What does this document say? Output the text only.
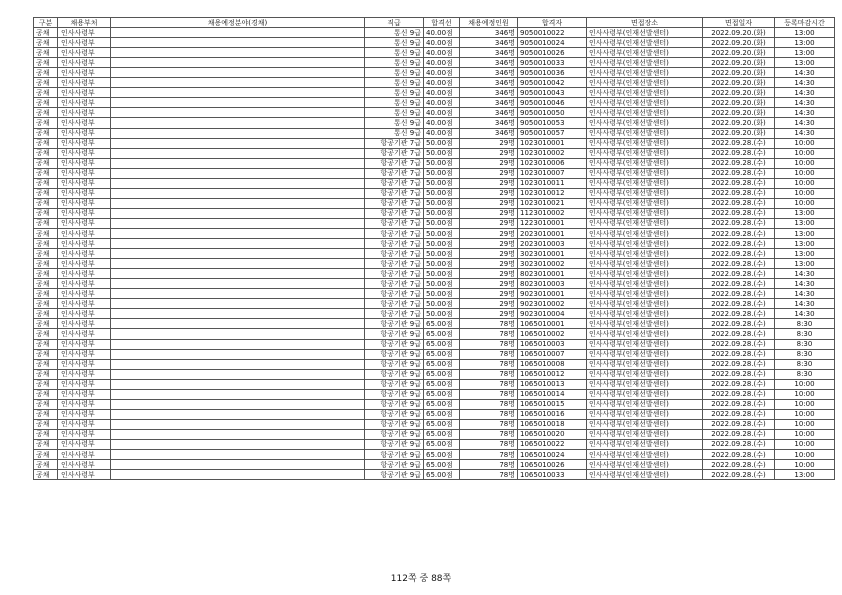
구분	채용부처	채용예정분야(경채)	직급	합격선	채용예정인원	합격자	면접장소	면접일자	등록마감시간
공채	인사사령부		통신 9급	40.00점	346명	9050010022	인사사령부(인재선발센터)	2022.09.20.(화)	13:00
공채	인사사령부		통신 9급	40.00점	346명	9050010024	인사사령부(인재선발센터)	2022.09.20.(화)	13:00
공채	인사사령부		통신 9급	40.00점	346명	9050010026	인사사령부(인재선발센터)	2022.09.20.(화)	13:00
공채	인사사령부		통신 9급	40.00점	346명	9050010033	인사사령부(인재선발센터)	2022.09.20.(화)	13:00
공채	인사사령부		통신 9급	40.00점	346명	9050010036	인사사령부(인재선발센터)	2022.09.20.(화)	14:30
공채	인사사령부		통신 9급	40.00점	346명	9050010042	인사사령부(인재선발센터)	2022.09.20.(화)	14:30
공채	인사사령부		통신 9급	40.00점	346명	9050010043	인사사령부(인재선발센터)	2022.09.20.(화)	14:30
공채	인사사령부		통신 9급	40.00점	346명	9050010046	인사사령부(인재선발센터)	2022.09.20.(화)	14:30
공채	인사사령부		통신 9급	40.00점	346명	9050010050	인사사령부(인재선발센터)	2022.09.20.(화)	14:30
공채	인사사령부		통신 9급	40.00점	346명	9050010053	인사사령부(인재선발센터)	2022.09.20.(화)	14:30
공채	인사사령부		통신 9급	40.00점	346명	9050010057	인사사령부(인재선발센터)	2022.09.20.(화)	14:30
공채	인사사령부		항공기관 7급	50.00점	29명	1023010001	인사사령부(인재선발센터)	2022.09.28.(수)	10:00
공채	인사사령부		항공기관 7급	50.00점	29명	1023010002	인사사령부(인재선발센터)	2022.09.28.(수)	10:00
공채	인사사령부		항공기관 7급	50.00점	29명	1023010006	인사사령부(인재선발센터)	2022.09.28.(수)	10:00
공채	인사사령부		항공기관 7급	50.00점	29명	1023010007	인사사령부(인재선발센터)	2022.09.28.(수)	10:00
공채	인사사령부		항공기관 7급	50.00점	29명	1023010011	인사사령부(인재선발센터)	2022.09.28.(수)	10:00
공채	인사사령부		항공기관 7급	50.00점	29명	1023010012	인사사령부(인재선발센터)	2022.09.28.(수)	10:00
공채	인사사령부		항공기관 7급	50.00점	29명	1023010021	인사사령부(인재선발센터)	2022.09.28.(수)	10:00
공채	인사사령부		항공기관 7급	50.00점	29명	1123010002	인사사령부(인재선발센터)	2022.09.28.(수)	13:00
공채	인사사령부		항공기관 7급	50.00점	29명	1223010001	인사사령부(인재선발센터)	2022.09.28.(수)	13:00
공채	인사사령부		항공기관 7급	50.00점	29명	2023010001	인사사령부(인재선발센터)	2022.09.28.(수)	13:00
공채	인사사령부		항공기관 7급	50.00점	29명	2023010003	인사사령부(인재선발센터)	2022.09.28.(수)	13:00
공채	인사사령부		항공기관 7급	50.00점	29명	3023010001	인사사령부(인재선발센터)	2022.09.28.(수)	13:00
공채	인사사령부		항공기관 7급	50.00점	29명	3023010002	인사사령부(인재선발센터)	2022.09.28.(수)	13:00
공채	인사사령부		항공기관 7급	50.00점	29명	8023010001	인사사령부(인재선발센터)	2022.09.28.(수)	14:30
공채	인사사령부		항공기관 7급	50.00점	29명	8023010003	인사사령부(인재선발센터)	2022.09.28.(수)	14:30
공채	인사사령부		항공기관 7급	50.00점	29명	9023010001	인사사령부(인재선발센터)	2022.09.28.(수)	14:30
공채	인사사령부		항공기관 7급	50.00점	29명	9023010002	인사사령부(인재선발센터)	2022.09.28.(수)	14:30
공채	인사사령부		항공기관 7급	50.00점	29명	9023010004	인사사령부(인재선발센터)	2022.09.28.(수)	14:30
공채	인사사령부		항공기관 9급	65.00점	78명	1065010001	인사사령부(인재선발센터)	2022.09.28.(수)	8:30
공채	인사사령부		항공기관 9급	65.00점	78명	1065010002	인사사령부(인재선발센터)	2022.09.28.(수)	8:30
공채	인사사령부		항공기관 9급	65.00점	78명	1065010003	인사사령부(인재선발센터)	2022.09.28.(수)	8:30
공채	인사사령부		항공기관 9급	65.00점	78명	1065010007	인사사령부(인재선발센터)	2022.09.28.(수)	8:30
공채	인사사령부		항공기관 9급	65.00점	78명	1065010008	인사사령부(인재선발센터)	2022.09.28.(수)	8:30
공채	인사사령부		항공기관 9급	65.00점	78명	1065010012	인사사령부(인재선발센터)	2022.09.28.(수)	8:30
공채	인사사령부		항공기관 9급	65.00점	78명	1065010013	인사사령부(인재선발센터)	2022.09.28.(수)	10:00
공채	인사사령부		항공기관 9급	65.00점	78명	1065010014	인사사령부(인재선발센터)	2022.09.28.(수)	10:00
공채	인사사령부		항공기관 9급	65.00점	78명	1065010015	인사사령부(인재선발센터)	2022.09.28.(수)	10:00
공채	인사사령부		항공기관 9급	65.00점	78명	1065010016	인사사령부(인재선발센터)	2022.09.28.(수)	10:00
공채	인사사령부		항공기관 9급	65.00점	78명	1065010018	인사사령부(인재선발센터)	2022.09.28.(수)	10:00
공채	인사사령부		항공기관 9급	65.00점	78명	1065010020	인사사령부(인재선발센터)	2022.09.28.(수)	10:00
공채	인사사령부		항공기관 9급	65.00점	78명	1065010022	인사사령부(인재선발센터)	2022.09.28.(수)	10:00
공채	인사사령부		항공기관 9급	65.00점	78명	1065010024	인사사령부(인재선발센터)	2022.09.28.(수)	10:00
공채	인사사령부		항공기관 9급	65.00점	78명	1065010026	인사사령부(인재선발센터)	2022.09.28.(수)	10:00
공채	인사사령부		항공기관 9급	65.00점	78명	1065010033	인사사령부(인재선발센터)	2022.09.28.(수)	13:00
112쪽 중 88쪽
